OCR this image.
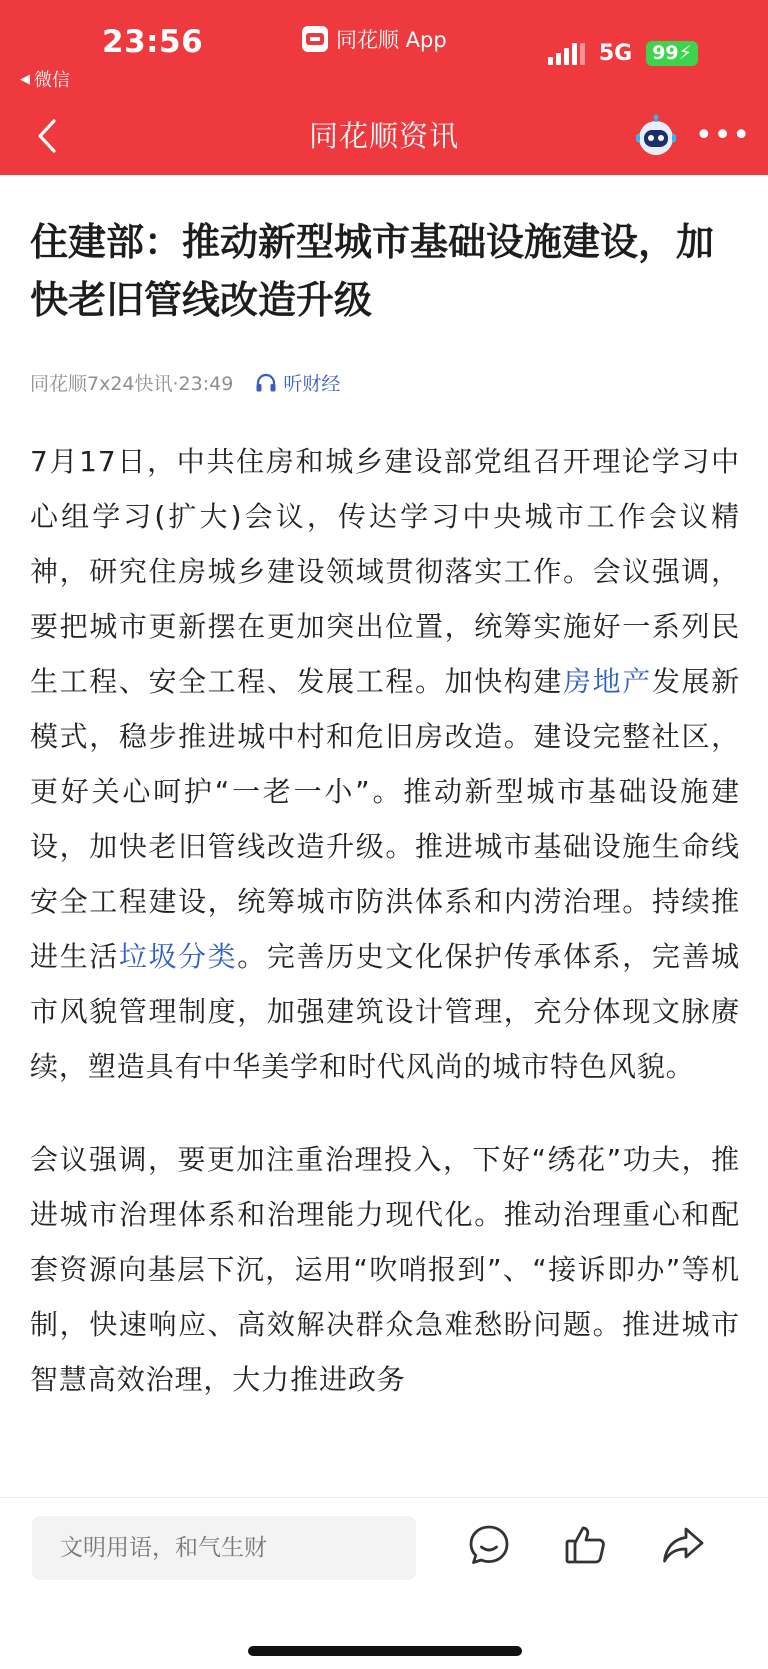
23:56
◀ 微信
同花顺 App
5G	99⚡
同花顺资讯	•••
住建部：推动新型城市基础设施建设，加快老旧管线改造升级
同花顺7x24快讯·23:49	听财经

7月17日，中共住房和城乡建设部党组召开理论学习中心组学习(扩大)会议，传达学习中央城市工作会议精神，研究住房城乡建设领域贯彻落实工作。会议强调，要把城市更新摆在更加突出位置，统筹实施好一系列民生工程、安全工程、发展工程。加快构建房地产发展新模式，稳步推进城中村和危旧房改造。建设完整社区，更好关心呵护“一老一小”。推动新型城市基础设施建设，加快老旧管线改造升级。推进城市基础设施生命线安全工程建设，统筹城市防洪体系和内涝治理。持续推进生活垃圾分类。完善历史文化保护传承体系，完善城市风貌管理制度，加强建筑设计管理，充分体现文脉赓续，塑造具有中华美学和时代风尚的城市特色风貌。

会议强调，要更加注重治理投入，下好“绣花”功夫，推进城市治理体系和治理能力现代化。推动治理重心和配套资源向基层下沉，运用“吹哨报到”、“接诉即办”等机制，快速响应、高效解决群众急难愁盼问题。推进城市智慧高效治理，大力推进政务

文明用语，和气生财
